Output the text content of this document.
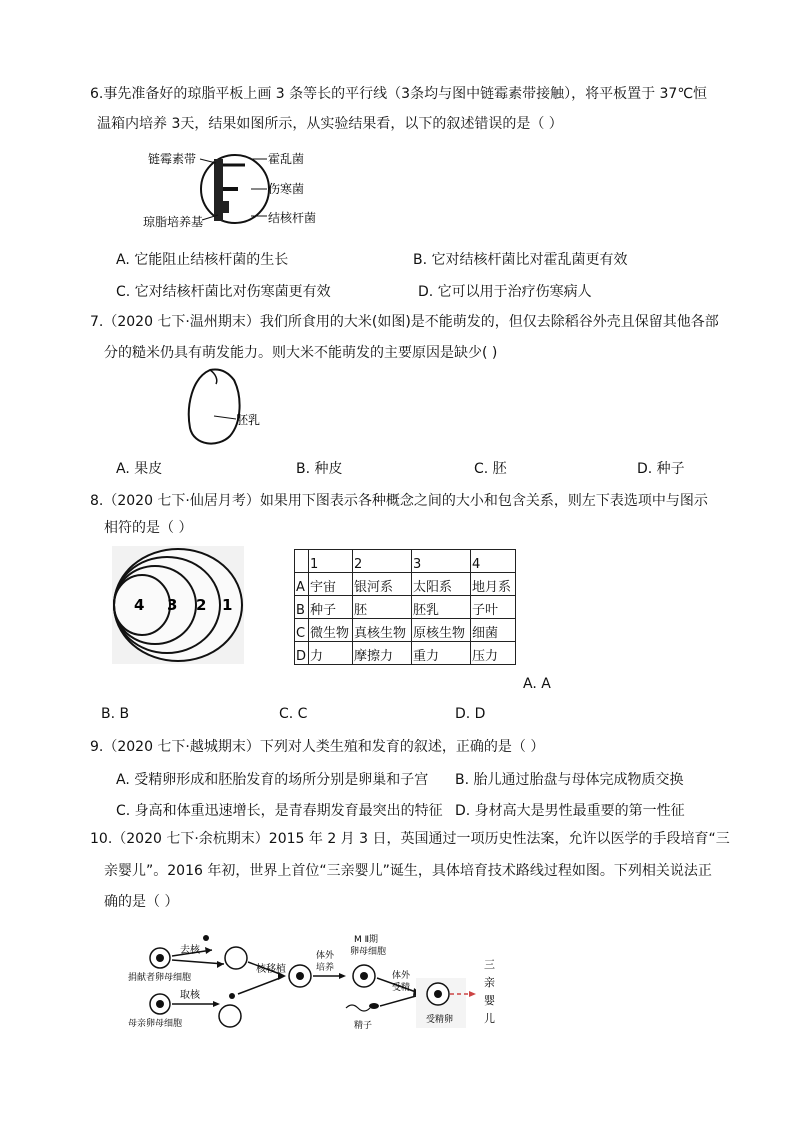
6.事先准备好的琼脂平板上画 3 条等长的平行线（3条均与图中链霉素带接触），将平板置于 37℃恒
温箱内培养 3天，结果如图所示，从实验结果看，以下的叙述错误的是（ ）
链霉素带	霍乱菌
伤寒菌
琼脂培养基	结核杆菌
A. 它能阻止结核杆菌的生长	B. 它对结核杆菌比对霍乱菌更有效
C. 它对结核杆菌比对伤寒菌更有效	D. 它可以用于治疗伤寒病人
7.（2020 七下·温州期末）我们所食用的大米(如图)是不能萌发的，但仅去除稻谷外壳且保留其他各部
分的糙米仍具有萌发能力。则大米不能萌发的主要原因是缺少( )
胚乳
A. 果皮	B. 种皮	C. 胚	D. 种子
8.（2020 七下·仙居月考）如果用下图表示各种概念之间的大小和包含关系，则左下表选项中与图示
相符的是（ ）
4 3 2 1
	1	2	3	4
A	宇宙	银河系	太阳系	地月系
B	种子	胚	胚乳	子叶
C	微生物	真核生物	原核生物	细菌
D	力	摩擦力	重力	压力
A. A
B. B	C. C	D. D
9.（2020 七下·越城期末）下列对人类生殖和发育的叙述，正确的是（ ）
A. 受精卵形成和胚胎发育的场所分别是卵巢和子宫 B. 胎儿通过胎盘与母体完成物质交换
C. 身高和体重迅速增长，是青春期发育最突出的特征 D. 身材高大是男性最重要的第一性征
10.（2020 七下·余杭期末）2015 年 2 月 3 日，英国通过一项历史性法案，允许以医学的手段培育“三
亲婴儿”。2016 年初，世界上首位“三亲婴儿”诞生，具体培育技术路线过程如图。下列相关说法正
确的是（ ）
去核
捐献者卵母细胞
取核
母亲卵母细胞
核移植
体外
培养
M Ⅱ期
卵母细胞
体外
受精
精子
受精卵
三
亲
婴
儿
